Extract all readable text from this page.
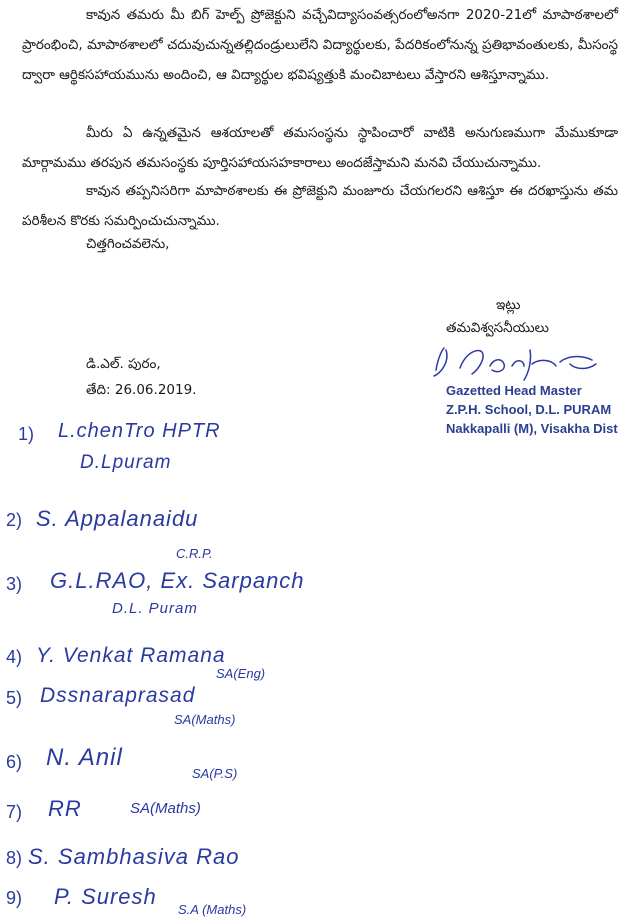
కావున తమరు మీ బిగ్ హెల్ప్ ప్రోజెక్టుని వచ్చేవిద్యాసంవత్సరంలోఅనగా 2020-21లో మాపాఠశాలలో ప్రారంభించి, మాపాఠశాలలో చదువుచున్నతల్లిదండ్రులులేని విద్యార్థులకు, పేదరికంలోనున్న ప్రతిభావంతులకు, మీసంస్థ ద్వారా ఆర్థికసహాయమును అందించి, ఆ విద్యార్థుల భవిష్యత్తుకి మంచిబాటలు వేస్తారని ఆశిస్తూన్నాము.

మీరు ఏ ఉన్నతమైన ఆశయాలతో తమసంస్థను స్థాపించారో వాటికి అనుగుణముగా మేముకూడా మార్గామము తరపున తమసంస్థకు పూర్తిసహాయసహకారాలు అందజేస్తామని మనవి చేయుచున్నాము.

కావున తప్పనిసరిగా మాపాఠశాలకు ఈ ప్రోజెక్టుని మంజూరు చేయగలరని ఆశిస్తూ ఈ దరఖాస్తును తమ పరిశీలన కొరకు సమర్పించుచున్నాము.

చిత్తగించవలెను,
ఇట్లు
తమవిశ్వసనీయులు
డి.ఎల్. పురం,
తేది: 26.06.2019.	Gazetted Head Master
Z.P.H. School, D.L. PURAM
Nakkapalli (M), Visakha Dist
1) L.chenTro HPTR
D.Lpuram
2) S. Appalanaidu
C.R.P.
3) G.L.RAO, Ex. Sarpanch
D.L. Puram
4) Y. Venkat Ramana
SA(Eng)
5) Dssnaraprasad
SA(Maths)
6) N. Anil
SA(P.S)
7) RR	SA(Maths)
8) S. Sambhasiva Rao
9) P. Suresh
S.A (Maths)
